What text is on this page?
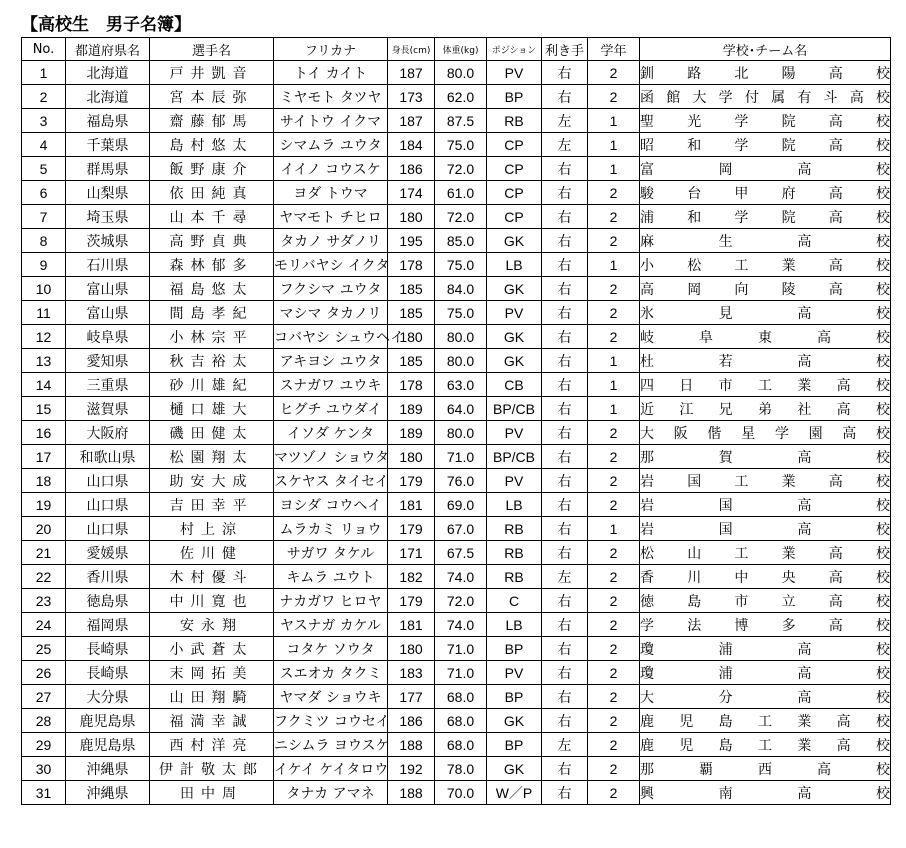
【高校生　男子名簿】
No.	都道府県名	選手名	フリカナ	身長(cm)	体重(kg)	ポジション	利き手	学年	学校･チーム名
1	北海道	戸井凱音	トイ カイト	187	80.0	PV	右	2	釧路北陽高校
2	北海道	宮本辰弥	ミヤモト タツヤ	173	62.0	BP	右	2	函館大学付属有斗高校
3	福島県	齋藤郁馬	サイトウ イクマ	187	87.5	RB	左	1	聖光学院高校
4	千葉県	島村悠太	シマムラ ユウタ	184	75.0	CP	左	1	昭和学院高校
5	群馬県	飯野康介	イイノ コウスケ	186	72.0	CP	右	1	富岡高校
6	山梨県	依田純真	ヨダ トウマ	174	61.0	CP	右	2	駿台甲府高校
7	埼玉県	山本千尋	ヤマモト チヒロ	180	72.0	CP	右	2	浦和学院高校
8	茨城県	高野貞典	タカノ サダノリ	195	85.0	GK	右	2	麻生高校
9	石川県	森林郁多	モリバヤシ イクタ	178	75.0	LB	右	1	小松工業高校
10	富山県	福島悠太	フクシマ ユウタ	185	84.0	GK	右	2	高岡向陵高校
11	富山県	間島孝紀	マシマ タカノリ	185	75.0	PV	右	2	氷見高校
12	岐阜県	小林宗平	コバヤシ シュウヘイ	180	80.0	GK	右	2	岐阜東高校
13	愛知県	秋吉裕太	アキヨシ ユウタ	185	80.0	GK	右	1	杜若高校
14	三重県	砂川雄紀	スナガワ ユウキ	178	63.0	CB	右	1	四日市工業高校
15	滋賀県	樋口雄大	ヒグチ ユウダイ	189	64.0	BP/CB	右	1	近江兄弟社高校
16	大阪府	磯田健太	イソダ ケンタ	189	80.0	PV	右	2	大阪偕星学園高校
17	和歌山県	松園翔太	マツゾノ ショウタ	180	71.0	BP/CB	右	2	那賀高校
18	山口県	助安大成	スケヤス タイセイ	179	76.0	PV	右	2	岩国工業高校
19	山口県	吉田幸平	ヨシダ コウヘイ	181	69.0	LB	右	2	岩国高校
20	山口県	村上涼	ムラカミ リョウ	179	67.0	RB	右	1	岩国高校
21	愛媛県	佐川健	サガワ タケル	171	67.5	RB	右	2	松山工業高校
22	香川県	木村優斗	キムラ ユウト	182	74.0	RB	左	2	香川中央高校
23	徳島県	中川寛也	ナカガワ ヒロヤ	179	72.0	C	右	2	徳島市立高校
24	福岡県	安永翔	ヤスナガ カケル	181	74.0	LB	右	2	学法博多高校
25	長崎県	小武蒼太	コタケ ソウタ	180	71.0	BP	右	2	瓊浦高校
26	長崎県	末岡拓美	スエオカ タクミ	183	71.0	PV	右	2	瓊浦高校
27	大分県	山田翔騎	ヤマダ ショウキ	177	68.0	BP	右	2	大分高校
28	鹿児島県	福満幸誠	フクミツ コウセイ	186	68.0	GK	右	2	鹿児島工業高校
29	鹿児島県	西村洋亮	ニシムラ ヨウスケ	188	68.0	BP	左	2	鹿児島工業高校
30	沖縄県	伊計敬太郎	イケイ ケイタロウ	192	78.0	GK	右	2	那覇西高校
31	沖縄県	田中周	タナカ アマネ	188	70.0	W／P	右	2	興南高校
